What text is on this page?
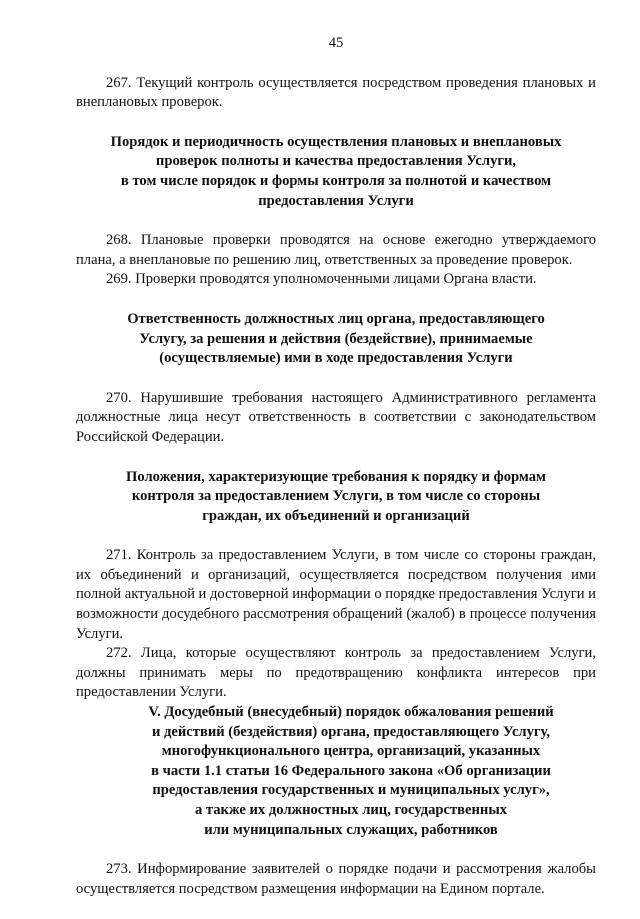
45

267. Текущий контроль осуществляется посредством проведения плановых и внеплановых проверок.

Порядок и периодичность осуществления плановых и внеплановых
проверок полноты и качества предоставления Услуги,
в том числе порядок и формы контроля за полнотой и качеством
предоставления Услуги

268. Плановые проверки проводятся на основе ежегодно утверждаемого плана, а внеплановые по решению лиц, ответственных за проведение проверок.

269. Проверки проводятся уполномоченными лицами Органа власти.

Ответственность должностных лиц органа, предоставляющего
Услугу, за решения и действия (бездействие), принимаемые
(осуществляемые) ими в ходе предоставления Услуги

270. Нарушившие требования настоящего Административного регламента должностные лица несут ответственность в соответствии с законодательством Российской Федерации.

Положения, характеризующие требования к порядку и формам
контроля за предоставлением Услуги, в том числе со стороны
граждан, их объединений и организаций

271. Контроль за предоставлением Услуги, в том числе со стороны граждан, их объединений и организаций, осуществляется посредством получения ими полной актуальной и достоверной информации о порядке предоставления Услуги и возможности досудебного рассмотрения обращений (жалоб) в процессе получения Услуги.

272. Лица, которые осуществляют контроль за предоставлением Услуги, должны принимать меры по предотвращению конфликта интересов при предоставлении Услуги.

V. Досудебный (внесудебный) порядок обжалования решений
и действий (бездействия) органа, предоставляющего Услугу,
многофункционального центра, организаций, указанных
в части 1.1 статьи 16 Федерального закона «Об организации
предоставления государственных и муниципальных услуг»,
а также их должностных лиц, государственных
или муниципальных служащих, работников

273. Информирование заявителей о порядке подачи и рассмотрения жалобы осуществляется посредством размещения информации на Едином портале.
